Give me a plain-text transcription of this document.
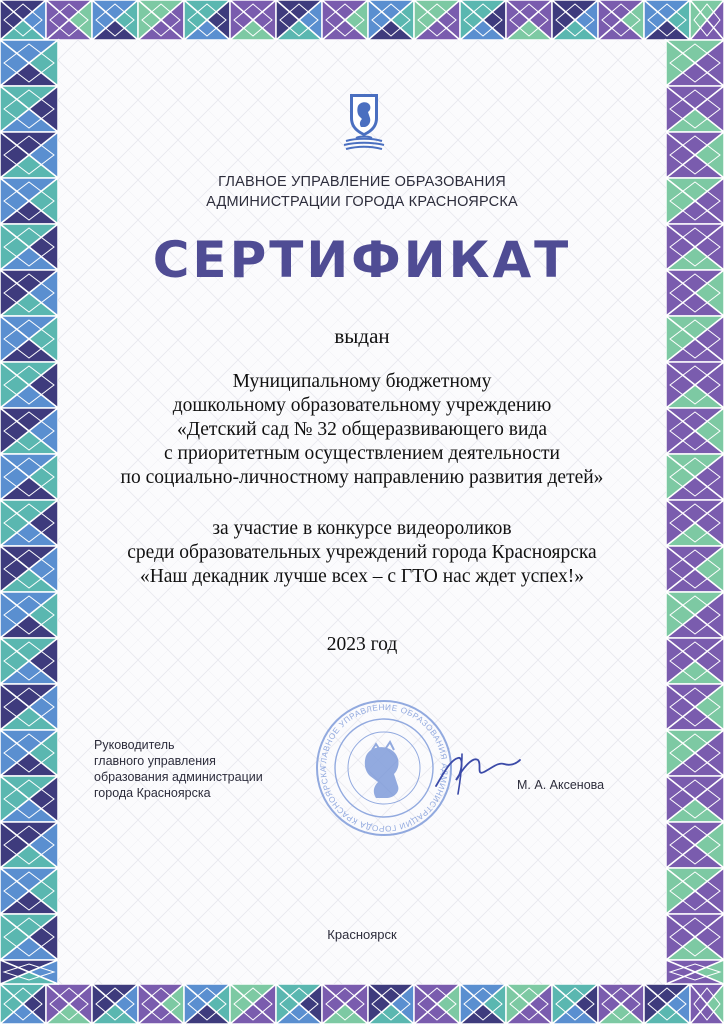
ГЛАВНОЕ УПРАВЛЕНИЕ ОБРАЗОВАНИЯ
АДМИНИСТРАЦИИ ГОРОДА КРАСНОЯРСКА
СЕРТИФИКАТ
выдан
Муниципальному бюджетному
дошкольному образовательному учреждению
«Детский сад № 32 общеразвивающего вида
с приоритетным осуществлением деятельности
по социально-личностному направлению развития детей»
за участие в конкурсе видеороликов
среди образовательных учреждений города Красноярска
«Наш декадник лучше всех – с ГТО нас ждет успех!»
2023 год
Руководитель
главного управления
образования администрации
города Красноярска
ГЛАВНОЕ УПРАВЛЕНИЕ ОБРАЗОВАНИЯ АДМИНИСТРАЦИИ ГОРОДА КРАСНОЯРСКА
М. А. Аксенова
Красноярск
